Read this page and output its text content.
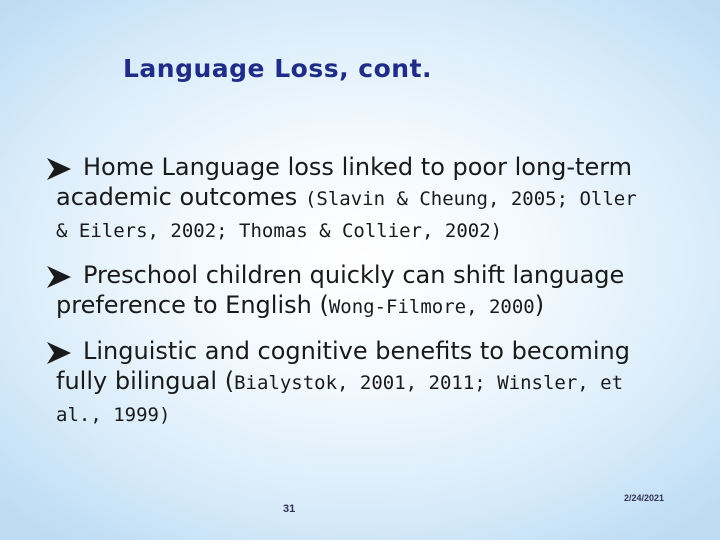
Language Loss, cont.
Home Language loss linked to poor long-term
academic outcomes (Slavin & Cheung, 2005; Oller
& Eilers, 2002; Thomas & Collier, 2002)
Preschool children quickly can shift language
preference to English (Wong-Filmore, 2000)
Linguistic and cognitive benefits to becoming
fully bilingual (Bialystok, 2001, 2011; Winsler, et
al., 1999)
31
2/24/2021
